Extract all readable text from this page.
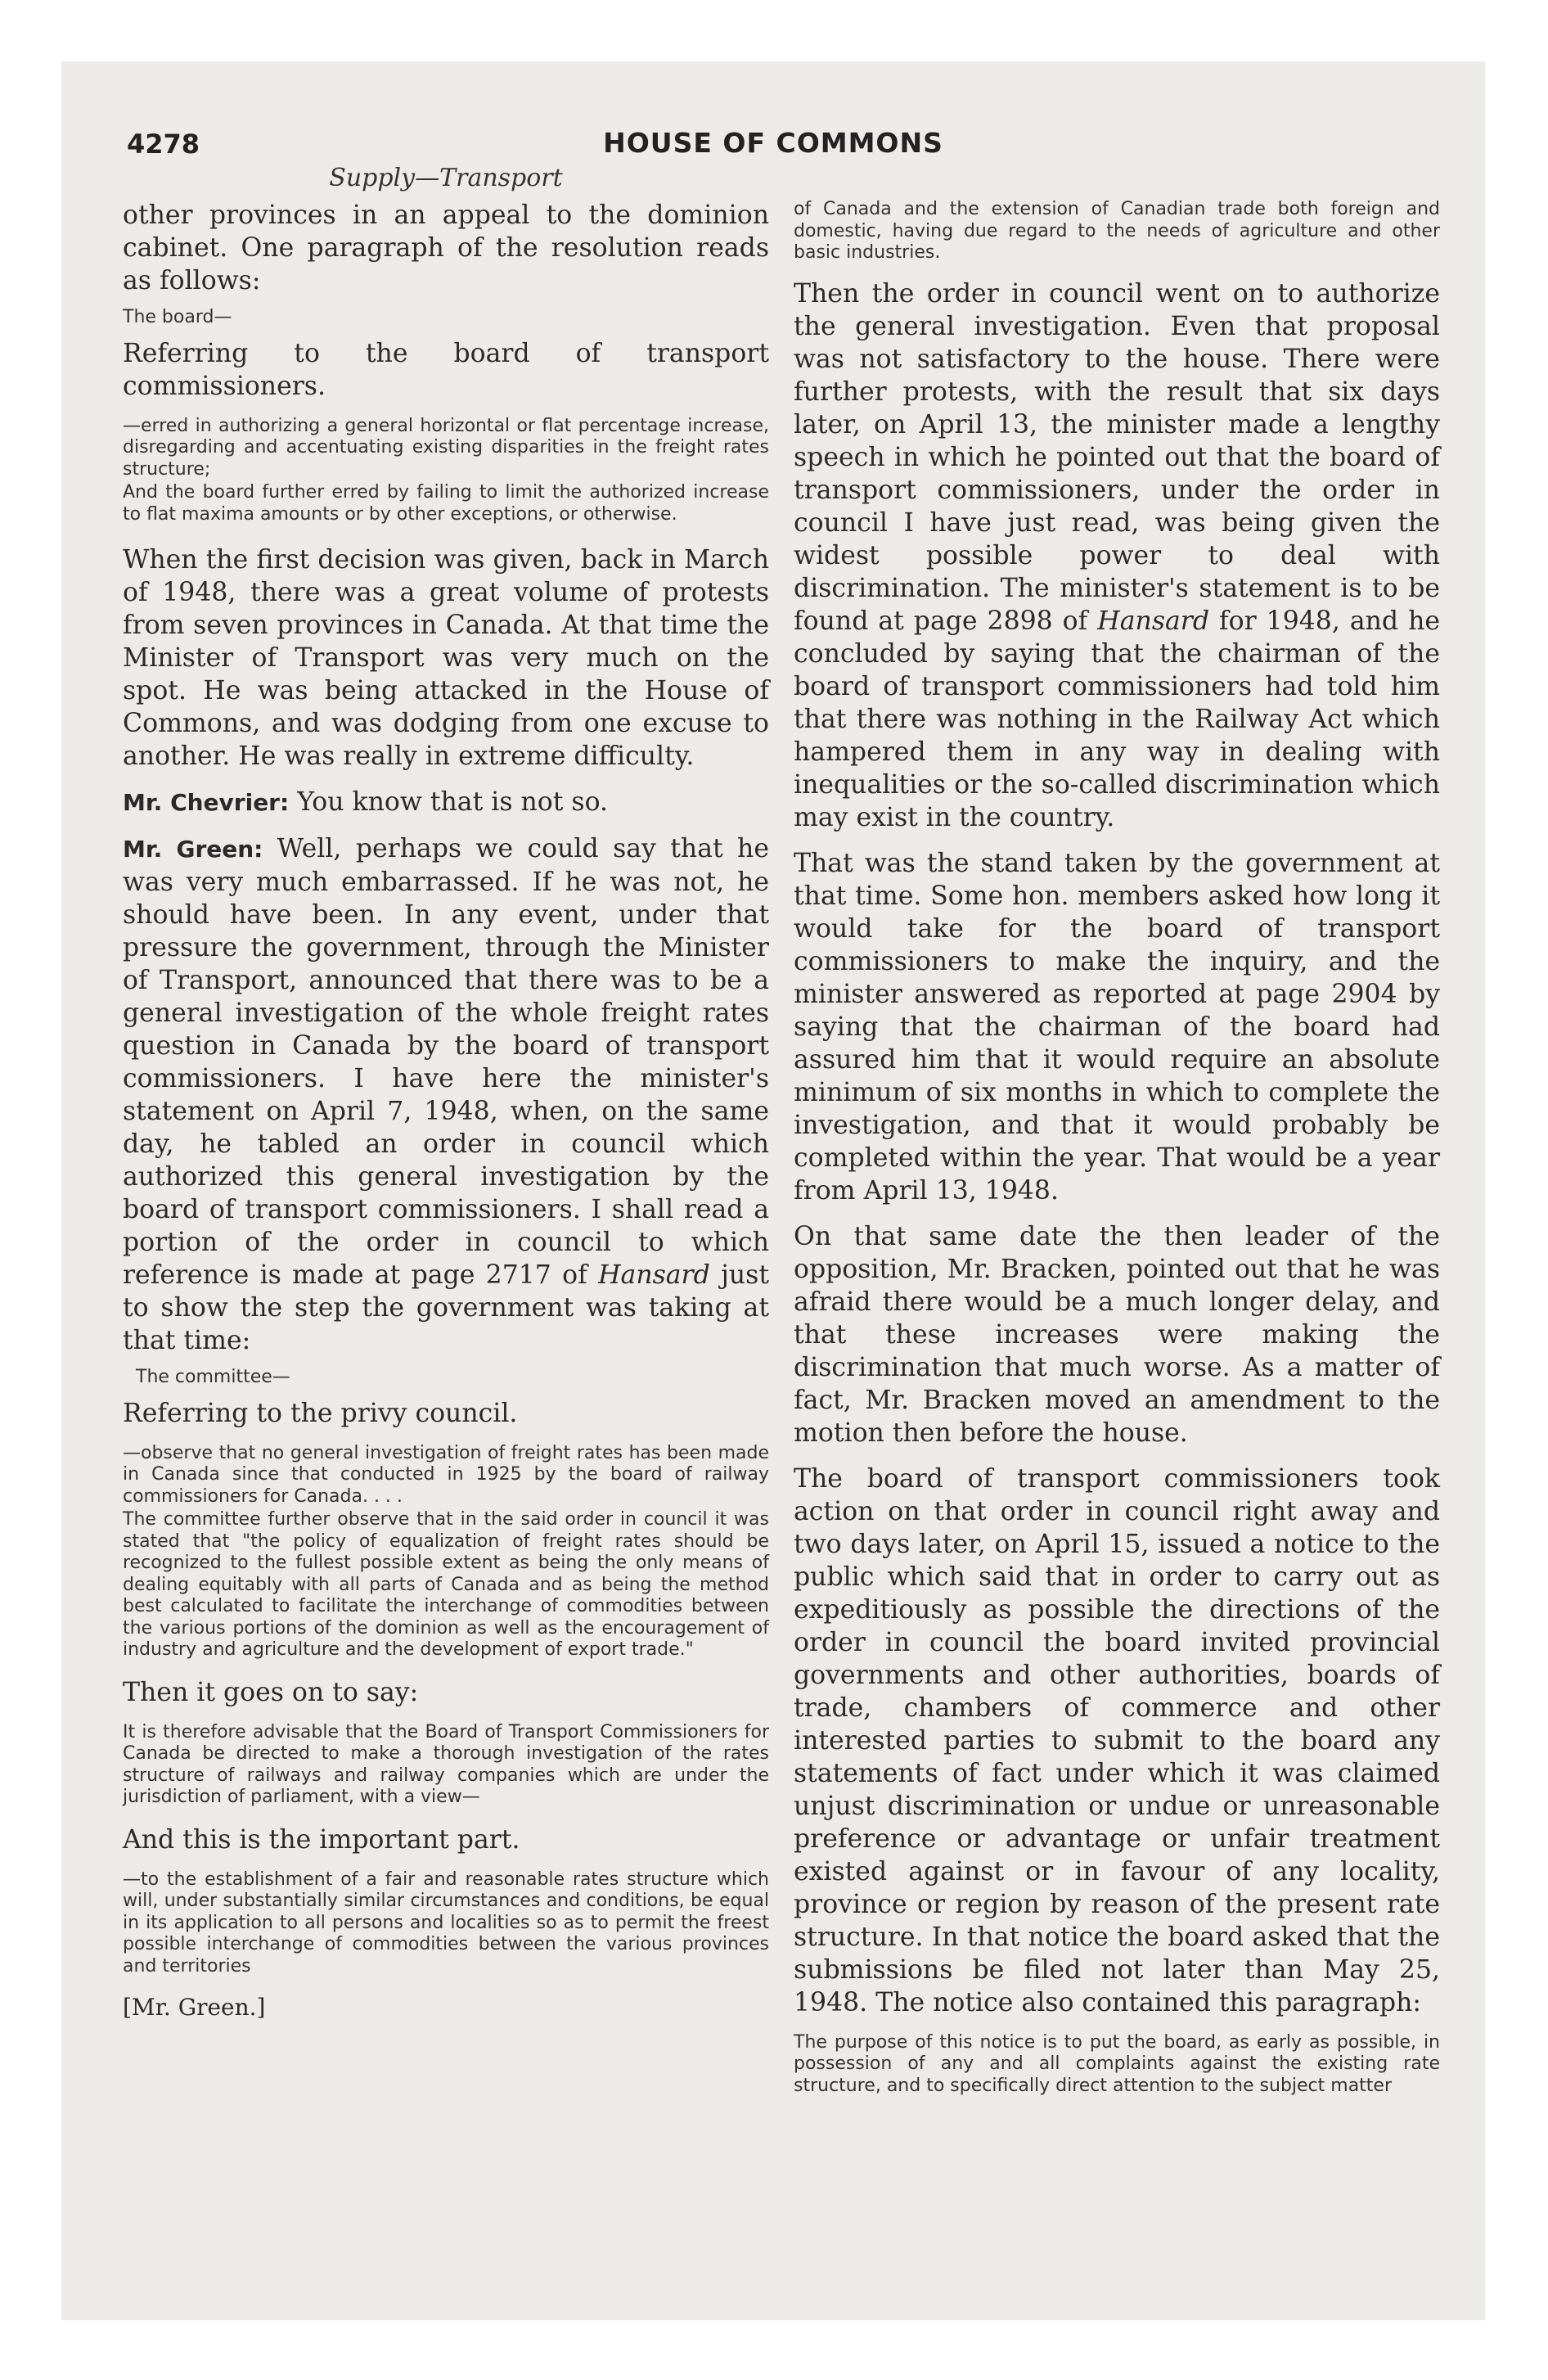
4278	HOUSE OF COMMONS
Supply—Transport

other provinces in an appeal to the dominion cabinet. One paragraph of the resolution reads as follows:

The board—

Referring to the board of transport commissioners.

—erred in authorizing a general horizontal or flat percentage increase, disregarding and accentuating existing disparities in the freight rates structure;

And the board further erred by failing to limit the authorized increase to flat maxima amounts or by other exceptions, or otherwise.

When the first decision was given, back in March of 1948, there was a great volume of protests from seven provinces in Canada. At that time the Minister of Transport was very much on the spot. He was being attacked in the House of Commons, and was dodging from one excuse to another. He was really in extreme difficulty.

Mr. Chevrier: You know that is not so.

Mr. Green: Well, perhaps we could say that he was very much embarrassed. If he was not, he should have been. In any event, under that pressure the government, through the Minister of Transport, announced that there was to be a general investigation of the whole freight rates question in Canada by the board of transport commissioners. I have here the minister's statement on April 7, 1948, when, on the same day, he tabled an order in council which authorized this general investigation by the board of transport commissioners. I shall read a portion of the order in council to which reference is made at page 2717 of Hansard just to show the step the government was taking at that time:

The committee—

Referring to the privy council.

—observe that no general investigation of freight rates has been made in Canada since that conducted in 1925 by the board of railway commissioners for Canada. . . .

The committee further observe that in the said order in council it was stated that "the policy of equalization of freight rates should be recognized to the fullest possible extent as being the only means of dealing equitably with all parts of Canada and as being the method best calculated to facilitate the interchange of commodities between the various portions of the dominion as well as the encouragement of industry and agriculture and the development of export trade."

Then it goes on to say:

It is therefore advisable that the Board of Transport Commissioners for Canada be directed to make a thorough investigation of the rates structure of railways and railway companies which are under the jurisdiction of parliament, with a view—

And this is the important part.

—to the establishment of a fair and reasonable rates structure which will, under substantially similar circumstances and conditions, be equal in its application to all persons and localities so as to permit the freest possible interchange of commodities between the various provinces and territories

[Mr. Green.]

of Canada and the extension of Canadian trade both foreign and domestic, having due regard to the needs of agriculture and other basic industries.

Then the order in council went on to authorize the general investigation. Even that proposal was not satisfactory to the house. There were further protests, with the result that six days later, on April 13, the minister made a lengthy speech in which he pointed out that the board of transport commissioners, under the order in council I have just read, was being given the widest possible power to deal with discrimination. The minister's statement is to be found at page 2898 of Hansard for 1948, and he concluded by saying that the chairman of the board of transport commissioners had told him that there was nothing in the Railway Act which hampered them in any way in dealing with inequalities or the so-called discrimination which may exist in the country.

That was the stand taken by the government at that time. Some hon. members asked how long it would take for the board of transport commissioners to make the inquiry, and the minister answered as reported at page 2904 by saying that the chairman of the board had assured him that it would require an absolute minimum of six months in which to complete the investigation, and that it would probably be completed within the year. That would be a year from April 13, 1948.

On that same date the then leader of the opposition, Mr. Bracken, pointed out that he was afraid there would be a much longer delay, and that these increases were making the discrimination that much worse. As a matter of fact, Mr. Bracken moved an amendment to the motion then before the house.

The board of transport commissioners took action on that order in council right away and two days later, on April 15, issued a notice to the public which said that in order to carry out as expeditiously as possible the directions of the order in council the board invited provincial governments and other authorities, boards of trade, chambers of commerce and other interested parties to submit to the board any statements of fact under which it was claimed unjust discrimination or undue or unreasonable preference or advantage or unfair treatment existed against or in favour of any locality, province or region by reason of the present rate structure. In that notice the board asked that the submissions be filed not later than May 25, 1948. The notice also contained this paragraph:

The purpose of this notice is to put the board, as early as possible, in possession of any and all complaints against the existing rate structure, and to specifically direct attention to the subject matter
